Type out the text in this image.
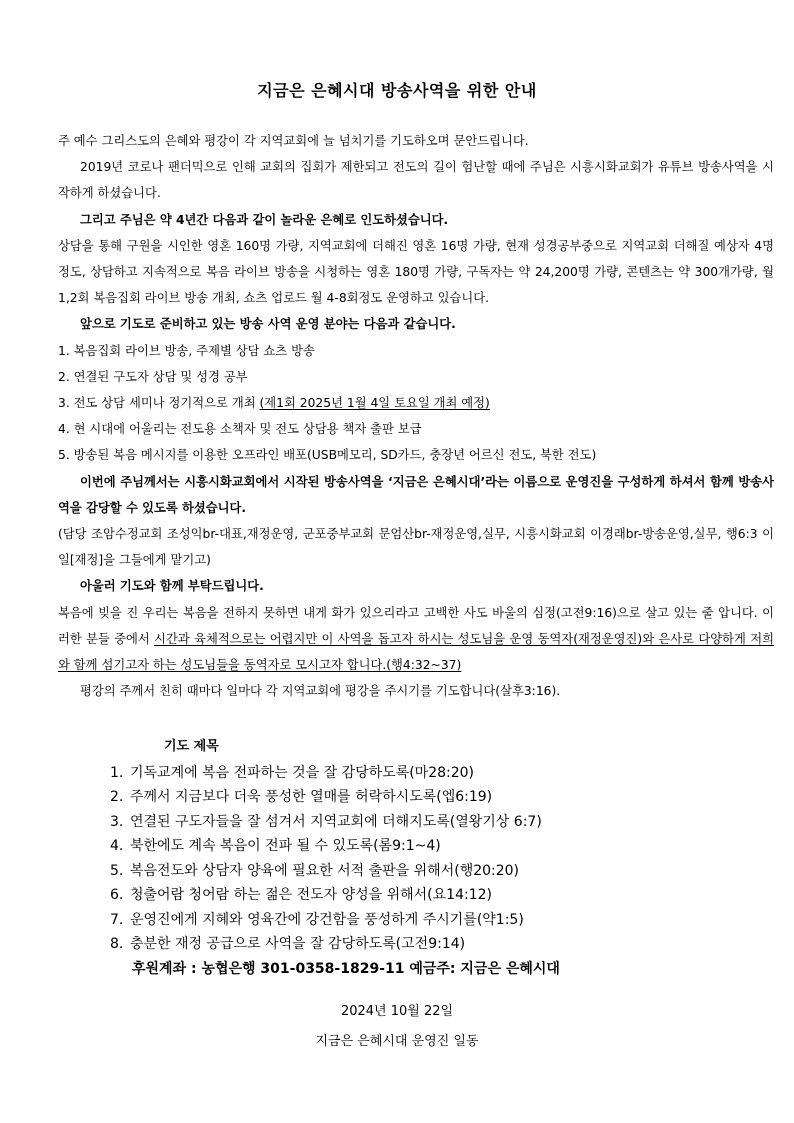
지금은 은혜시대 방송사역을 위한 안내

주 예수 그리스도의 은혜와 평강이 각 지역교회에 늘 넘치기를 기도하오며 문안드립니다.

2019년 코로나 팬더믹으로 인해 교회의 집회가 제한되고 전도의 길이 험난할 때에 주님은 시흥시화교회가 유튜브 방송사역을 시작하게 하셨습니다.

그리고 주님은 약 4년간 다음과 같이 놀라운 은혜로 인도하셨습니다.

상담을 통해 구원을 시인한 영혼 160명 가량, 지역교회에 더해진 영혼 16명 가량, 현재 성경공부중으로 지역교회 더해질 예상자 4명 정도, 상담하고 지속적으로 복음 라이브 방송을 시청하는 영혼 180명 가량, 구독자는 약 24,200명 가량, 콘텐츠는 약 300개가량, 월 1,2회 복음집회 라이브 방송 개최, 쇼츠 업로드 월 4-8회정도 운영하고 있습니다.

앞으로 기도로 준비하고 있는 방송 사역 운영 분야는 다음과 같습니다.

1. 복음집회 라이브 방송, 주제별 상담 쇼츠 방송
2. 연결된 구도자 상담 및 성경 공부
3. 전도 상담 세미나 정기적으로 개최 (제1회 2025년 1월 4일 토요일 개최 예정)
4. 현 시대에 어울리는 전도용 소책자 및 전도 상담용 책자 출판 보급
5. 방송된 복음 메시지를 이용한 오프라인 배포(USB메모리, SD카드, 충장년 어르신 전도, 북한 전도)

이번에 주님께서는 시흥시화교회에서 시작된 방송사역을 ‘지금은 은혜시대’라는 이름으로 운영진을 구성하게 하셔서 함께 방송사역을 감당할 수 있도록 하셨습니다.

(담당 조암수정교회 조성익br-대표,재정운영, 군포중부교회 문엄산br-재정운영,실무, 시흥시화교회 이경래br-방송운영,실무, 행6:3 이 일[재정]을 그들에게 맡기고)

아울러 기도와 함께 부탁드립니다.

복음에 빚을 진 우리는 복음을 전하지 못하면 내게 화가 있으리라고 고백한 사도 바울의 심정(고전9:16)으로 살고 있는 줄 압니다. 이러한 분들 중에서 시간과 육체적으로는 어렵지만 이 사역을 돕고자 하시는 성도님을 운영 동역자(재정운영진)와 은사로 다양하게 저희와 함께 섬기고자 하는 성도님들을 동역자로 모시고자 합니다.(행4:32~37)

평강의 주께서 친히 때마다 일마다 각 지역교회에 평강을 주시기를 기도합니다(살후3:16).

기도 제목
1. 기독교계에 복음 전파하는 것을 잘 감당하도록(마28:20)
2. 주께서 지금보다 더욱 풍성한 열매를 허락하시도록(엡6:19)
3. 연결된 구도자들을 잘 섬겨서 지역교회에 더해지도록(열왕기상 6:7)
4. 북한에도 계속 복음이 전파 될 수 있도록(롬9:1~4)
5. 복음전도와 상담자 양육에 필요한 서적 출판을 위해서(행20:20)
6. 청출어람 청어람 하는 젊은 전도자 양성을 위해서(요14:12)
7. 운영진에게 지혜와 영육간에 강건함을 풍성하게 주시기를(약1:5)
8. 충분한 재정 공급으로 사역을 잘 감당하도록(고전9:14)
후원계좌 : 농협은행 301-0358-1829-11 예금주: 지금은 은혜시대
2024년 10월 22일
지금은 은혜시대 운영진 일동
